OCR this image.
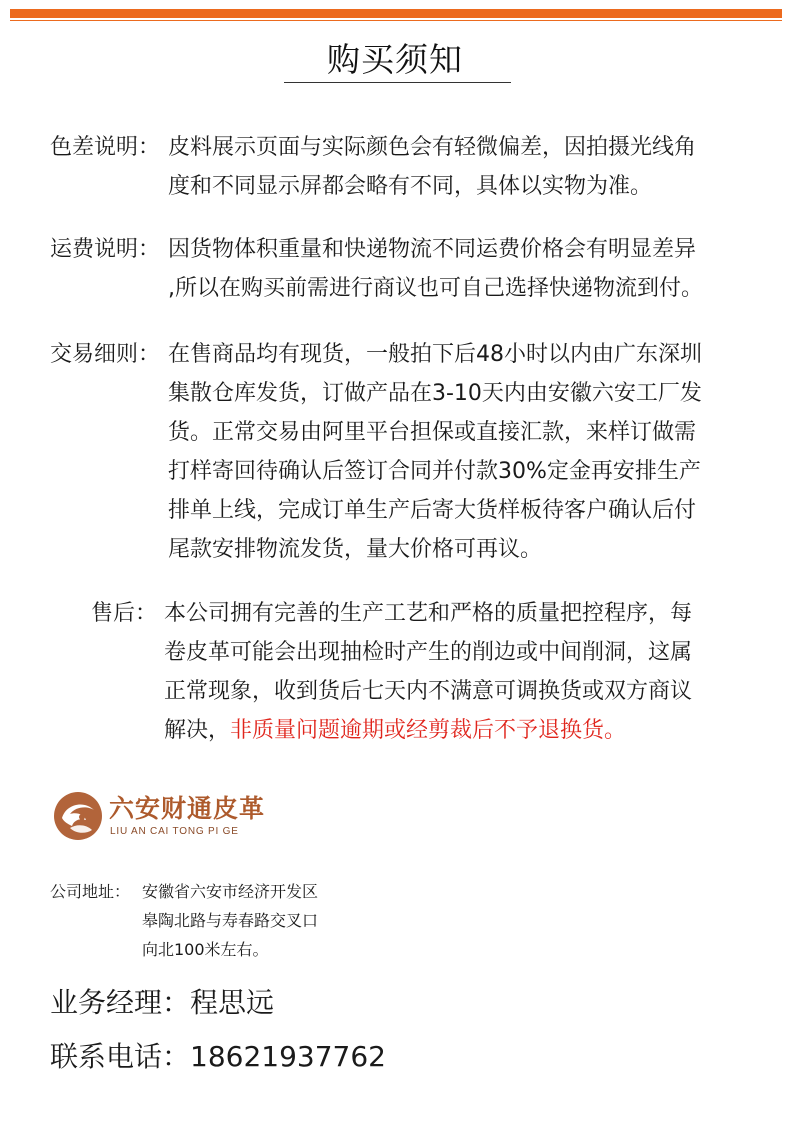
购买须知
色差说明： 皮料展示页面与实际颜色会有轻微偏差，因拍摄光线角
度和不同显示屏都会略有不同，具体以实物为准。
运费说明： 因货物体积重量和快递物流不同运费价格会有明显差异
,所以在购买前需进行商议也可自己选择快递物流到付。
交易细则： 在售商品均有现货，一般拍下后48小时以内由广东深圳
集散仓库发货，订做产品在3-10天内由安徽六安工厂发
货。正常交易由阿里平台担保或直接汇款，来样订做需
打样寄回待确认后签订合同并付款30%定金再安排生产
排单上线，完成订单生产后寄大货样板待客户确认后付
尾款安排物流发货，量大价格可再议。
售后： 本公司拥有完善的生产工艺和严格的质量把控程序，每
卷皮革可能会出现抽检时产生的削边或中间削洞，这属
正常现象，收到货后七天内不满意可调换货或双方商议
解决，非质量问题逾期或经剪裁后不予退换货。
六安财通皮革
LIU AN CAI TONG PI GE
公司地址： 安徽省六安市经济开发区
皋陶北路与寿春路交叉口
向北100米左右。
业务经理：程思远
联系电话：18621937762
